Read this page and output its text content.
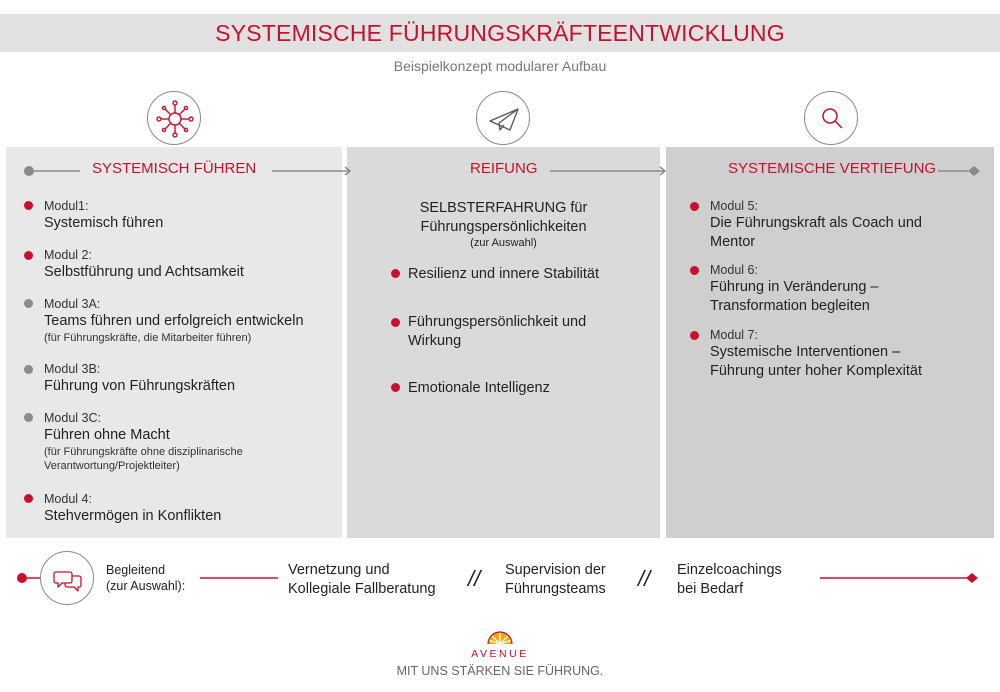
SYSTEMISCHE FÜHRUNGSKRÄFTEENTWICKLUNG
Beispielkonzept modularer Aufbau
SYSTEMISCH FÜHREN	REIFUNG	SYSTEMISCHE VERTIEFUNG
Modul1:
Systemisch führen
Modul 2:
Selbstführung und Achtsamkeit
Modul 3A:
Teams führen und erfolgreich entwickeln
(für Führungskräfte, die Mitarbeiter führen)
Modul 3B:
Führung von Führungskräften
Modul 3C:
Führen ohne Macht
(für Führungskräfte ohne disziplinarische
Verantwortung/Projektleiter)
Modul 4:
Stehvermögen in Konflikten
SELBSTERFAHRUNG für
Führungspersönlichkeiten
(zur Auswahl)
Resilienz und innere Stabilität
Führungspersönlichkeit und
Wirkung
Emotionale Intelligenz
Modul 5:
Die Führungskraft als Coach und
Mentor
Modul 6:
Führung in Veränderung –
Transformation begleiten
Modul 7:
Systemische Interventionen –
Führung unter hoher Komplexität
Begleitend
(zur Auswahl):
Vernetzung und
Kollegiale Fallberatung // Supervision der
Führungsteams // Einzelcoachings
bei Bedarf
AVENUE
MIT UNS STÄRKEN SIE FÜHRUNG.
